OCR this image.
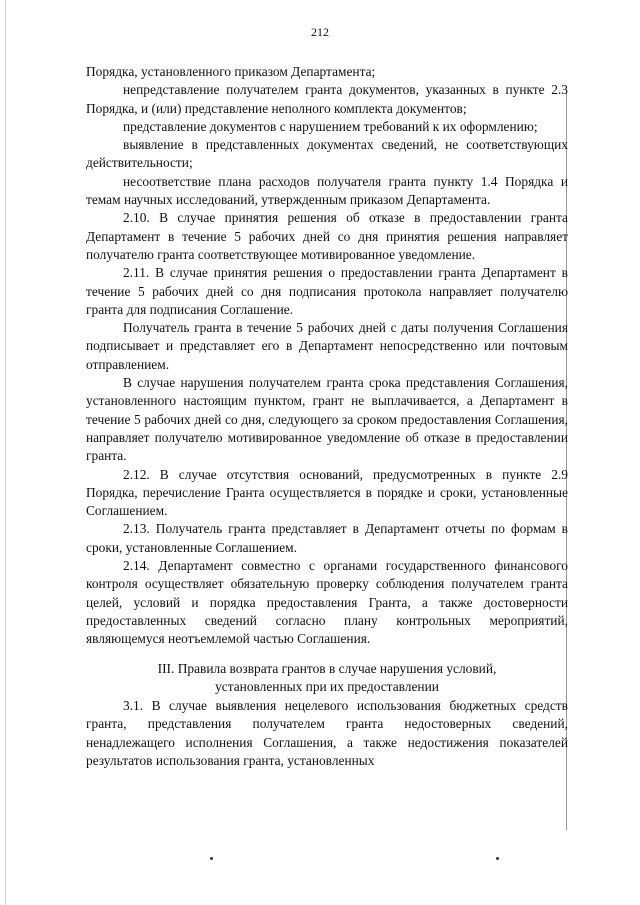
212

Порядка, установленного приказом Департамента;

непредставление получателем гранта документов, указанных в пункте 2.3 Порядка, и (или) представление неполного комплекта документов;

представление документов с нарушением требований к их оформлению;

выявление в представленных документах сведений, не соответствующих действительности;

несоответствие плана расходов получателя гранта пункту 1.4 Порядка и темам научных исследований, утвержденным приказом Департамента.

2.10. В случае принятия решения об отказе в предоставлении гранта Департамент в течение 5 рабочих дней со дня принятия решения направляет получателю гранта соответствующее мотивированное уведомление.

2.11. В случае принятия решения о предоставлении гранта Департамент в течение 5 рабочих дней со дня подписания протокола направляет получателю гранта для подписания Соглашение.

Получатель гранта в течение 5 рабочих дней с даты получения Соглашения подписывает и представляет его в Департамент непосредственно или почтовым отправлением.

В случае нарушения получателем гранта срока представления Соглашения, установленного настоящим пунктом, грант не выплачивается, а Департамент в течение 5 рабочих дней со дня, следующего за сроком предоставления Соглашения, направляет получателю мотивированное уведомление об отказе в предоставлении гранта.

2.12. В случае отсутствия оснований, предусмотренных в пункте 2.9 Порядка, перечисление Гранта осуществляется в порядке и сроки, установленные Соглашением.

2.13. Получатель гранта представляет в Департамент отчеты по формам в сроки, установленные Соглашением.

2.14. Департамент совместно с органами государственного финансового контроля осуществляет обязательную проверку соблюдения получателем гранта целей, условий и порядка предоставления Гранта, а также достоверности предоставленных сведений согласно плану контрольных мероприятий, являющемуся неотъемлемой частью Соглашения.

III. Правила возврата грантов в случае нарушения условий,
установленных при их предоставлении

3.1. В случае выявления нецелевого использования бюджетных средств гранта, представления получателем гранта недостоверных сведений, ненадлежащего исполнения Соглашения, а также недостижения показателей результатов использования гранта, установленных
